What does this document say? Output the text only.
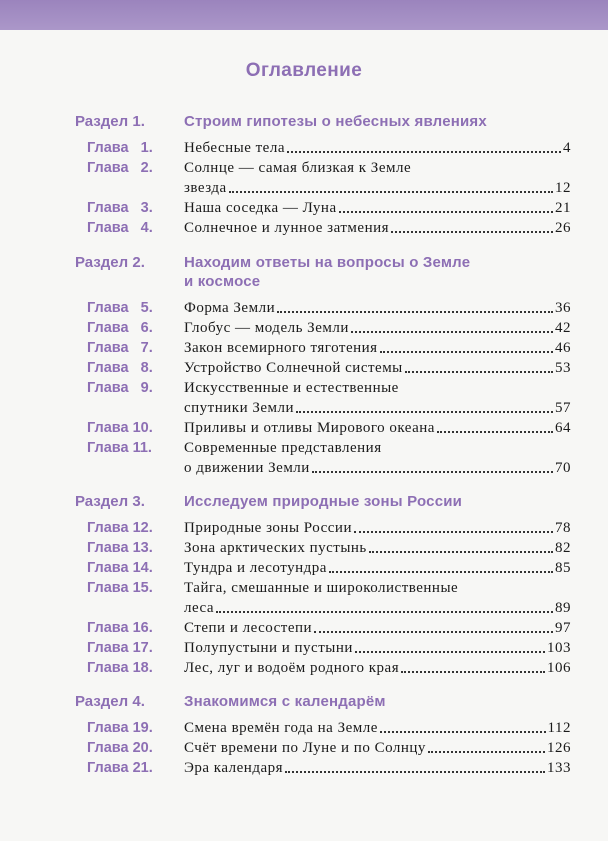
Оглавление
Раздел 1.	Строим гипотезы о небесных явлениях
Глава   1. Небесные тела	4
Глава   2. Солнце — самая близкая к Земле
звезда	12
Глава   3. Наша соседка — Луна	21
Глава   4. Солнечное и лунное затмения	26
Раздел 2.	Находим ответы на вопросы о Земле
и космосе
Глава   5. Форма Земли	36
Глава   6. Глобус — модель Земли	42
Глава   7. Закон всемирного тяготения	46
Глава   8. Устройство Солнечной системы	53
Глава   9. Искусственные и естественные
спутники Земли	57
Глава 10. Приливы и отливы Мирового океана	64
Глава 11. Современные представления
о движении Земли	70
Раздел 3.	Исследуем природные зоны России
Глава 12. Природные зоны России	78
Глава 13. Зона арктических пустынь	82
Глава 14. Тундра и лесотундра	85
Глава 15. Тайга, смешанные и широколиственные
леса	89
Глава 16. Степи и лесостепи	97
Глава 17. Полупустыни и пустыни	103
Глава 18. Лес, луг и водоём родного края	106
Раздел 4.	Знакомимся с календарём
Глава 19. Смена времён года на Земле	112
Глава 20. Счёт времени по Луне и по Солнцу	126
Глава 21. Эра календаря	133
